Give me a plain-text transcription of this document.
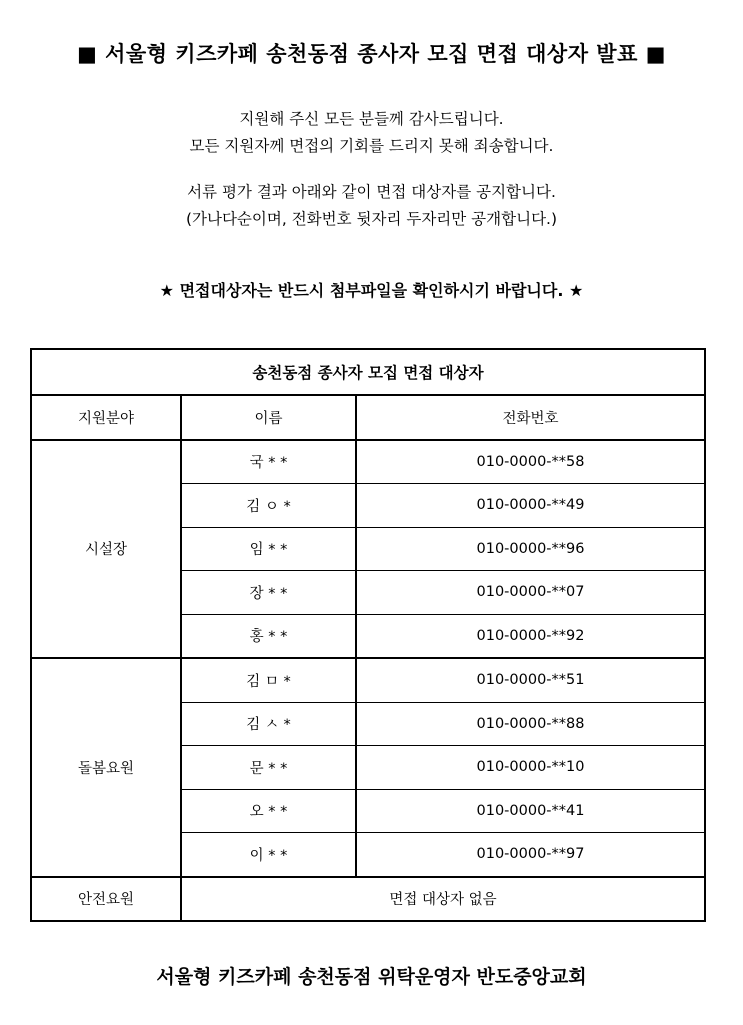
■ 서울형 키즈카페 송천동점 종사자 모집 면접 대상자 발표 ■
지원해 주신 모든 분들께 감사드립니다.
모든 지원자께 면접의 기회를 드리지 못해 죄송합니다.
서류 평가 결과 아래와 같이 면접 대상자를 공지합니다.
(가나다순이며, 전화번호 뒷자리 두자리만 공개합니다.)
★ 면접대상자는 반드시 첨부파일을 확인하시기 바랍니다. ★
송천동점 종사자 모집 면접 대상자		
지원분야	이름	전화번호
시설장	국 * *	010-0000-**58
	김 ㅇ *	010-0000-**49
	임 * *	010-0000-**96
	장 * *	010-0000-**07
	홍 * *	010-0000-**92
돌봄요원	김 ㅁ *	010-0000-**51
	김 ㅅ *	010-0000-**88
	문 * *	010-0000-**10
	오 * *	010-0000-**41
	이 * *	010-0000-**97
안전요원	면접 대상자 없음	
서울형 키즈카페 송천동점 위탁운영자 반도중앙교회
